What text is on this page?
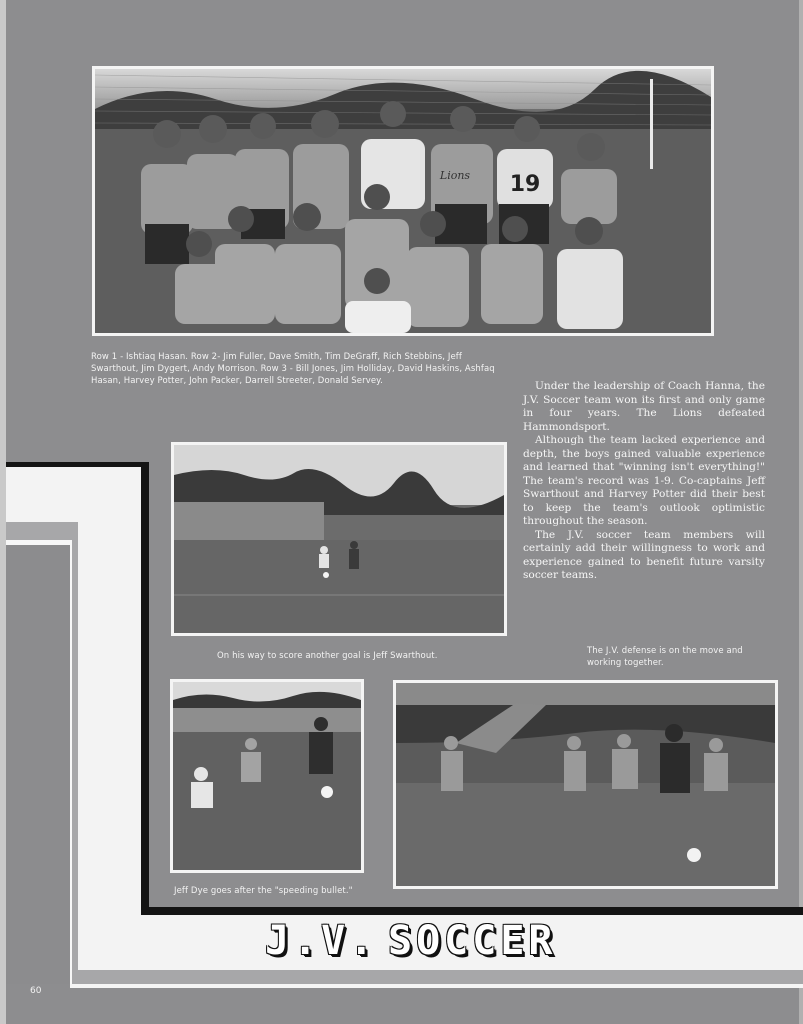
19
Lions
Row 1 - Ishtiaq Hasan. Row 2- Jim Fuller, Dave Smith, Tim DeGraff, Rich Stebbins, Jeff Swarthout, Jim Dygert, Andy Morrison. Row 3 - Bill Jones, Jim Holliday, David Haskins, Ashfaq Hasan, Harvey Potter, John Packer, Darrell Streeter, Donald Servey.	Under the leadership of Coach Hanna, the J.V. Soccer team won its first and only game in four years. The Lions defeated Hammondsport.

Although the team lacked experience and depth, the boys gained valuable experience and learned that "winning isn't everything!" The team's record was 1-9. Co-captains Jeff Swarthout and Harvey Potter did their best to keep the team's outlook optimistic throughout the season.

The J.V. soccer team members will certainly add their willingness to work and experience gained to benefit future varsity soccer teams.

On his way to score another goal is Jeff Swarthout.	The J.V. defense is on the move and working together.
Jeff Dye goes after the "speeding bullet."
J.V. SOCCER
60
